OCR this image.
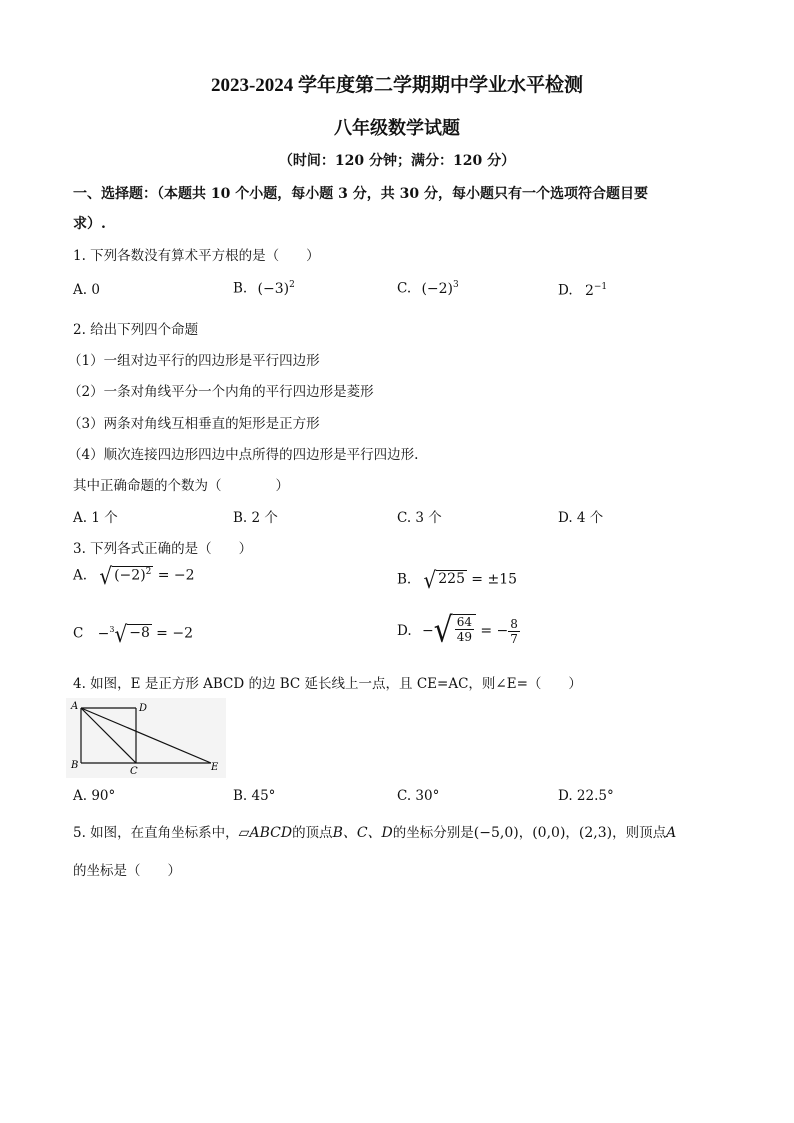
2023-2024 学年度第二学期期中学业水平检测
八年级数学试题
（时间：120 分钟；满分：120 分）
一、选择题：（本题共 10 个小题，每小题 3 分，共 30 分，每小题只有一个选项符合题目要
求）.
1. 下列各数没有算术平方根的是（　　）
A. 0	B. $(-3)^2$	C. $(-2)^3$	D. $2^{-1}$
2. 给出下列四个命题
（1）一组对边平行的四边形是平行四边形
（2）一条对角线平分一个内角的平行四边形是菱形
（3）两条对角线互相垂直的矩形是正方形
（4）顺次连接四边形四边中点所得的四边形是平行四边形.
其中正确命题的个数为（　　　　）
A. 1 个	B. 2 个	C. 3 个	D. 4 个
3. 下列各式正确的是（　　）
A. √ $(-2)^2 = -2$	B. √ 225 = ±15
C −$^3$ √ −8 = −2	D. − √ $\frac{64}{49}$ = − $\frac{8}{7}$
4. 如图，E 是正方形 ABCD 的边 BC 延长线上一点，且 CE=AC，则∠E=（　　）
A	D
B
C	E
A. 90°	B. 45°	C. 30°	D. 22.5°
5. 如图，在直角坐标系中，▱ABCD的顶点B、C、D的坐标分别是(−5,0)，(0,0)，(2,3)，则顶点A
的坐标是（　　）
